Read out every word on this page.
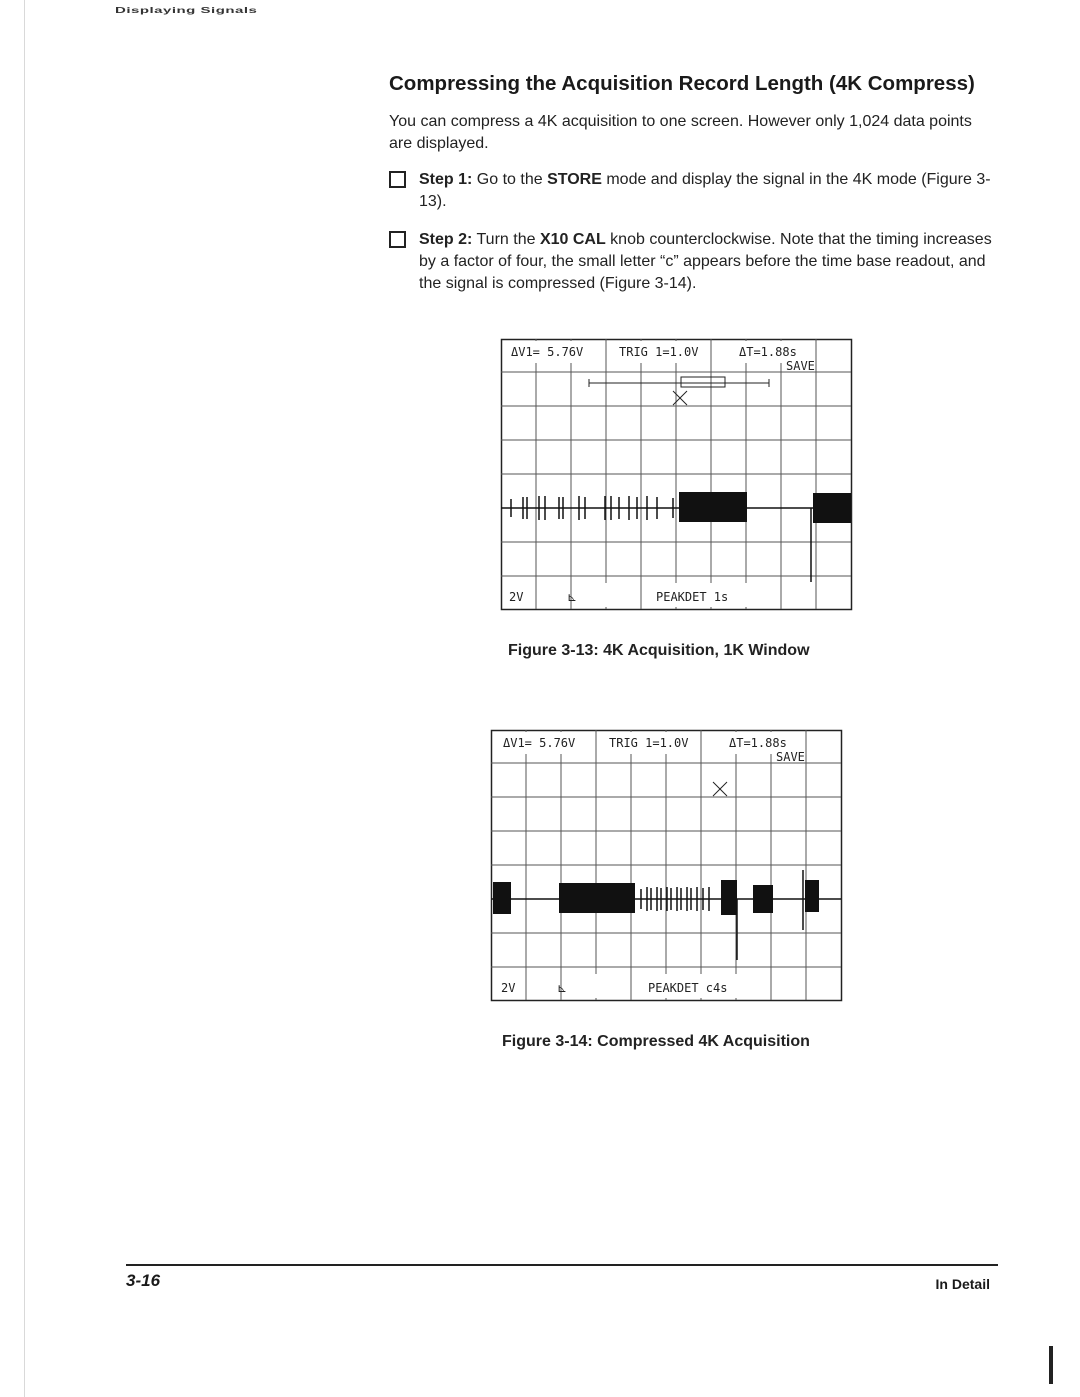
Displaying Signals
Compressing the Acquisition Record Length (4K Compress)

You can compress a 4K acquisition to one screen. However only 1,024 data points are displayed.

Step 1: Go to the STORE mode and display the signal in the 4K mode (Figure 3-13).

Step 2: Turn the X10 CAL knob counterclockwise. Note that the timing increases by a factor of four, the small letter “c” appears before the time base readout, and the signal is compressed (Figure 3-14).

ΔV1= 5.76V	TRIG 1=1.0V	ΔT=1.88s
SAVE
2V	⊾	PEAKDET 1s

Figure 3-13: 4K Acquisition, 1K Window

ΔV1= 5.76V	TRIG 1=1.0V	ΔT=1.88s
SAVE
2V	⊾	PEAKDET c4s

Figure 3-14: Compressed 4K Acquisition

3-16	In Detail
